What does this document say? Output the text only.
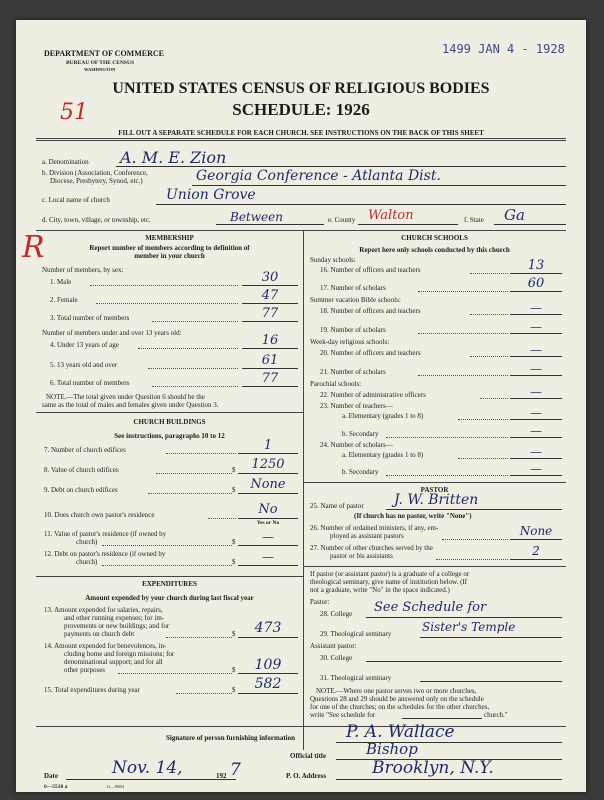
1499 JAN 4 - 1928
DEPARTMENT OF COMMERCE
BUREAU OF THE CENSUS
WASHINGTON
UNITED STATES CENSUS OF RELIGIOUS BODIES
SCHEDULE: 1926
51
R
FILL OUT A SEPARATE SCHEDULE FOR EACH CHURCH. SEE INSTRUCTIONS ON THE BACK OF THIS SHEET
a. Denomination A. M. E. Zion
b. Division (Association, Conference,
Diocese, Presbytery, Synod, etc.)	Georgia Conference - Atlanta Dist.
c. Local name of church	Union Grove
d. City, town, village, or township, etc.	Between	e. County Walton	f. State Ga
MEMBERSHIP
Report number of members according to definition of
member in your church
Number of members, by sex:
1. Male	30
2. Female	47
3. Total number of members	77
Number of members under and over 13 years old:
4. Under 13 years of age	16
5. 13 years old and over	61
6. Total number of members	77
NOTE.—The total given under Question 6 should be the
same as the total of males and females given under Question 3.
CHURCH BUILDINGS
See instructions, paragraphs 10 to 12
7. Number of church edifices	1
8. Value of church edifices	$	1250
9. Debt on church edifices	$	None
10. Does church own pastor's residence	No
Yes or No
11. Value of pastor's residence (if owned by
church)	$	—
12. Debt on pastor's residence (if owned by
church)	$	—
EXPENDITURES
Amount expended by your church during last fiscal year
13. Amount expended for salaries, repairs,
and other running expenses; for im-
provements or new buildings; and for
payments on church debt	$	473
14. Amount expended for benevolences, in-
cluding home and foreign missions; for
denominational support; and for all
other purposes	$	109
15. Total expenditures during year	$	582
CHURCH SCHOOLS
Report here only schools conducted by this church
Sunday schools:
16. Number of officers and teachers	13
17. Number of scholars	60
Summer vacation Bible schools:
18. Number of officers and teachers	—
19. Number of scholars	—
Week-day religious schools:
20. Number of officers and teachers	—
21. Number of scholars	—
Parochial schools:
22. Number of administrative officers	—
23. Number of teachers—
a. Elementary (grades 1 to 8)	—
b. Secondary	—
24. Number of scholars—
a. Elementary (grades 1 to 8)	—
b. Secondary	—
PASTOR
25. Name of pastor J. W. Britten
(If church has no pastor, write "None")
26. Number of ordained ministers, if any, em-
ployed as assistant pastors	None
27. Number of other churches served by the
pastor or his assistants	2
If pastor (or assistant pastor) is a graduate of a college or
theological seminary, give name of institution below. (If
not a graduate, write "No" in the space indicated.)
Pastor:
28. College See Schedule for
29. Theological seminary	Sister's Temple
Assistant pastor:
30. College
31. Theological seminary
NOTE.—Where one pastor serves two or more churches,
Questions 28 and 29 should be answered only on the schedule
for one of the churches; on the schedules for the other churches,
write "See schedule for	church."
Signature of person furnishing information	P. A. Wallace
Official title	Bishop
Date	Nov. 14,	192 7	P. O. Address	Brooklyn, N.Y.
6—5518 a	11—9084
